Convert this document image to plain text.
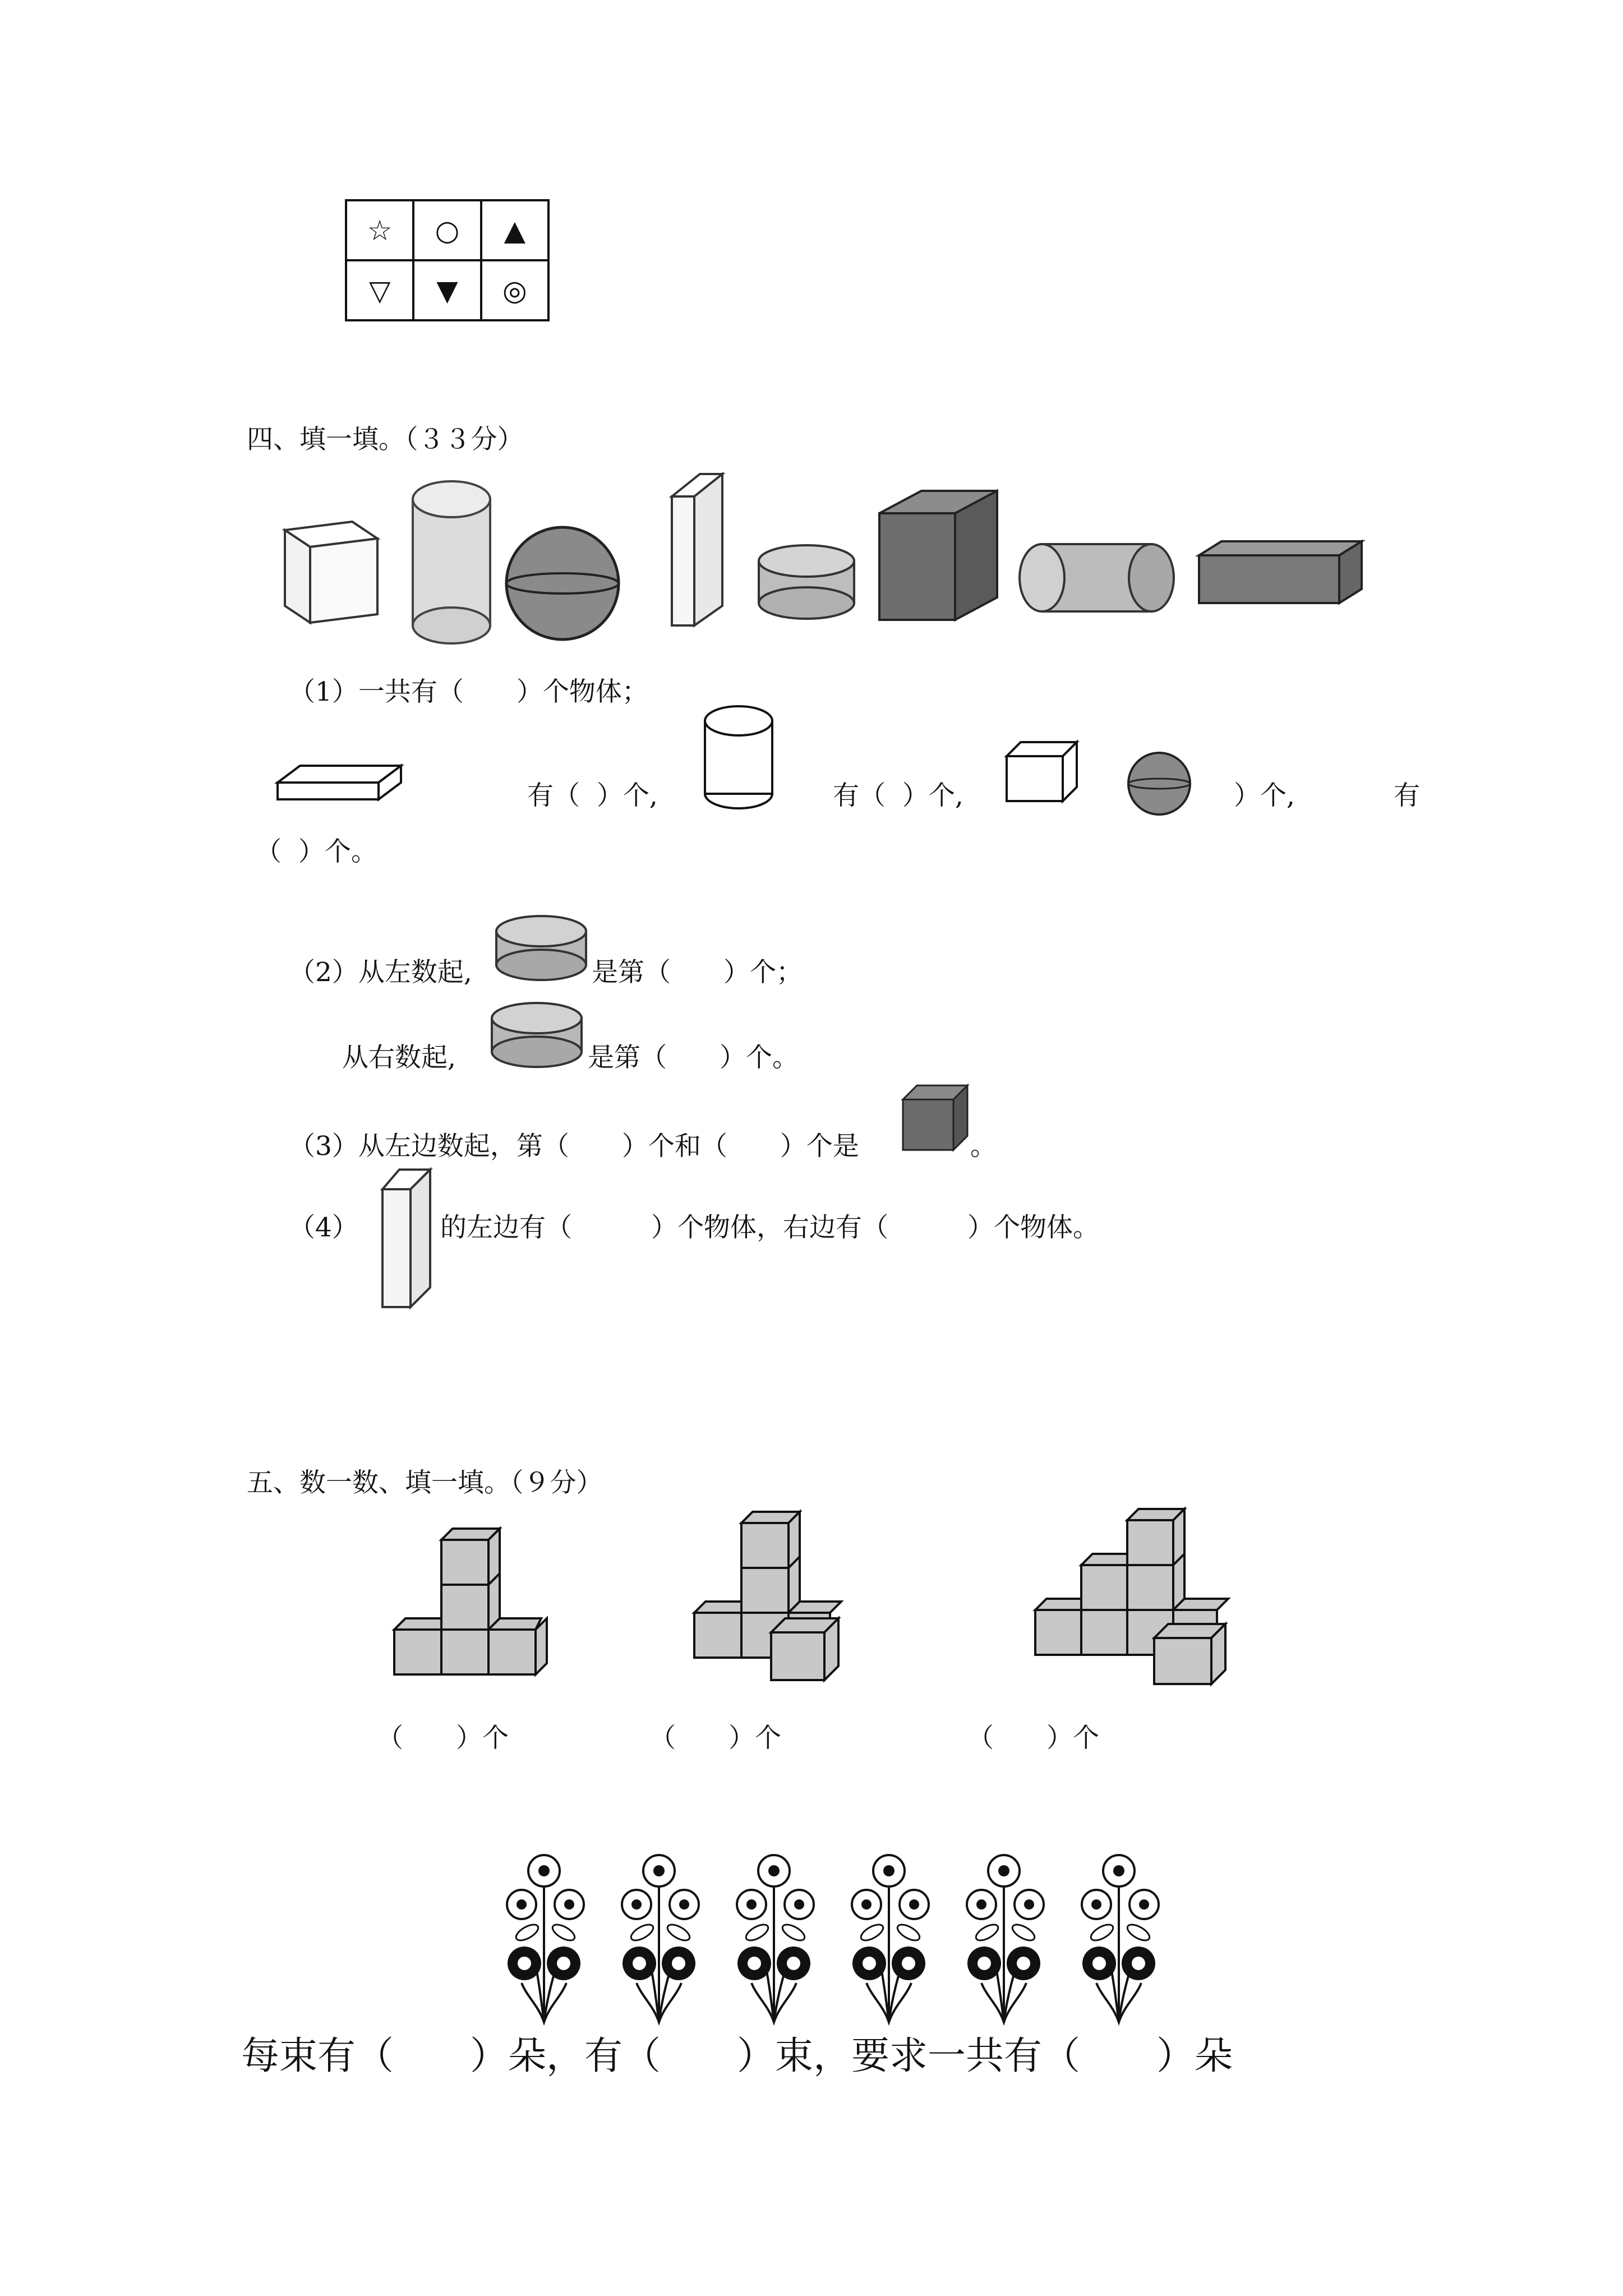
☆	○	▲
▽	▼	◎
四、填一填。（３３分）
（1）一共有（　　）个物体；
有（  ）个,	有（  ）个,	）个,	有
（  ）个。
（2）从左数起,	是第（　　）个；
从右数起,	是第（　　）个。
（3）从左边数起，第（　　）个和（　　）个是	。
（4）	的左边有（　　　）个物体，右边有（　　　）个物体。
五、数一数、填一填。（９分）
（　　）个	（　　）个	（　　）个
每束有（　　）朵，有（　　）束，要求一共有（　　）朵
